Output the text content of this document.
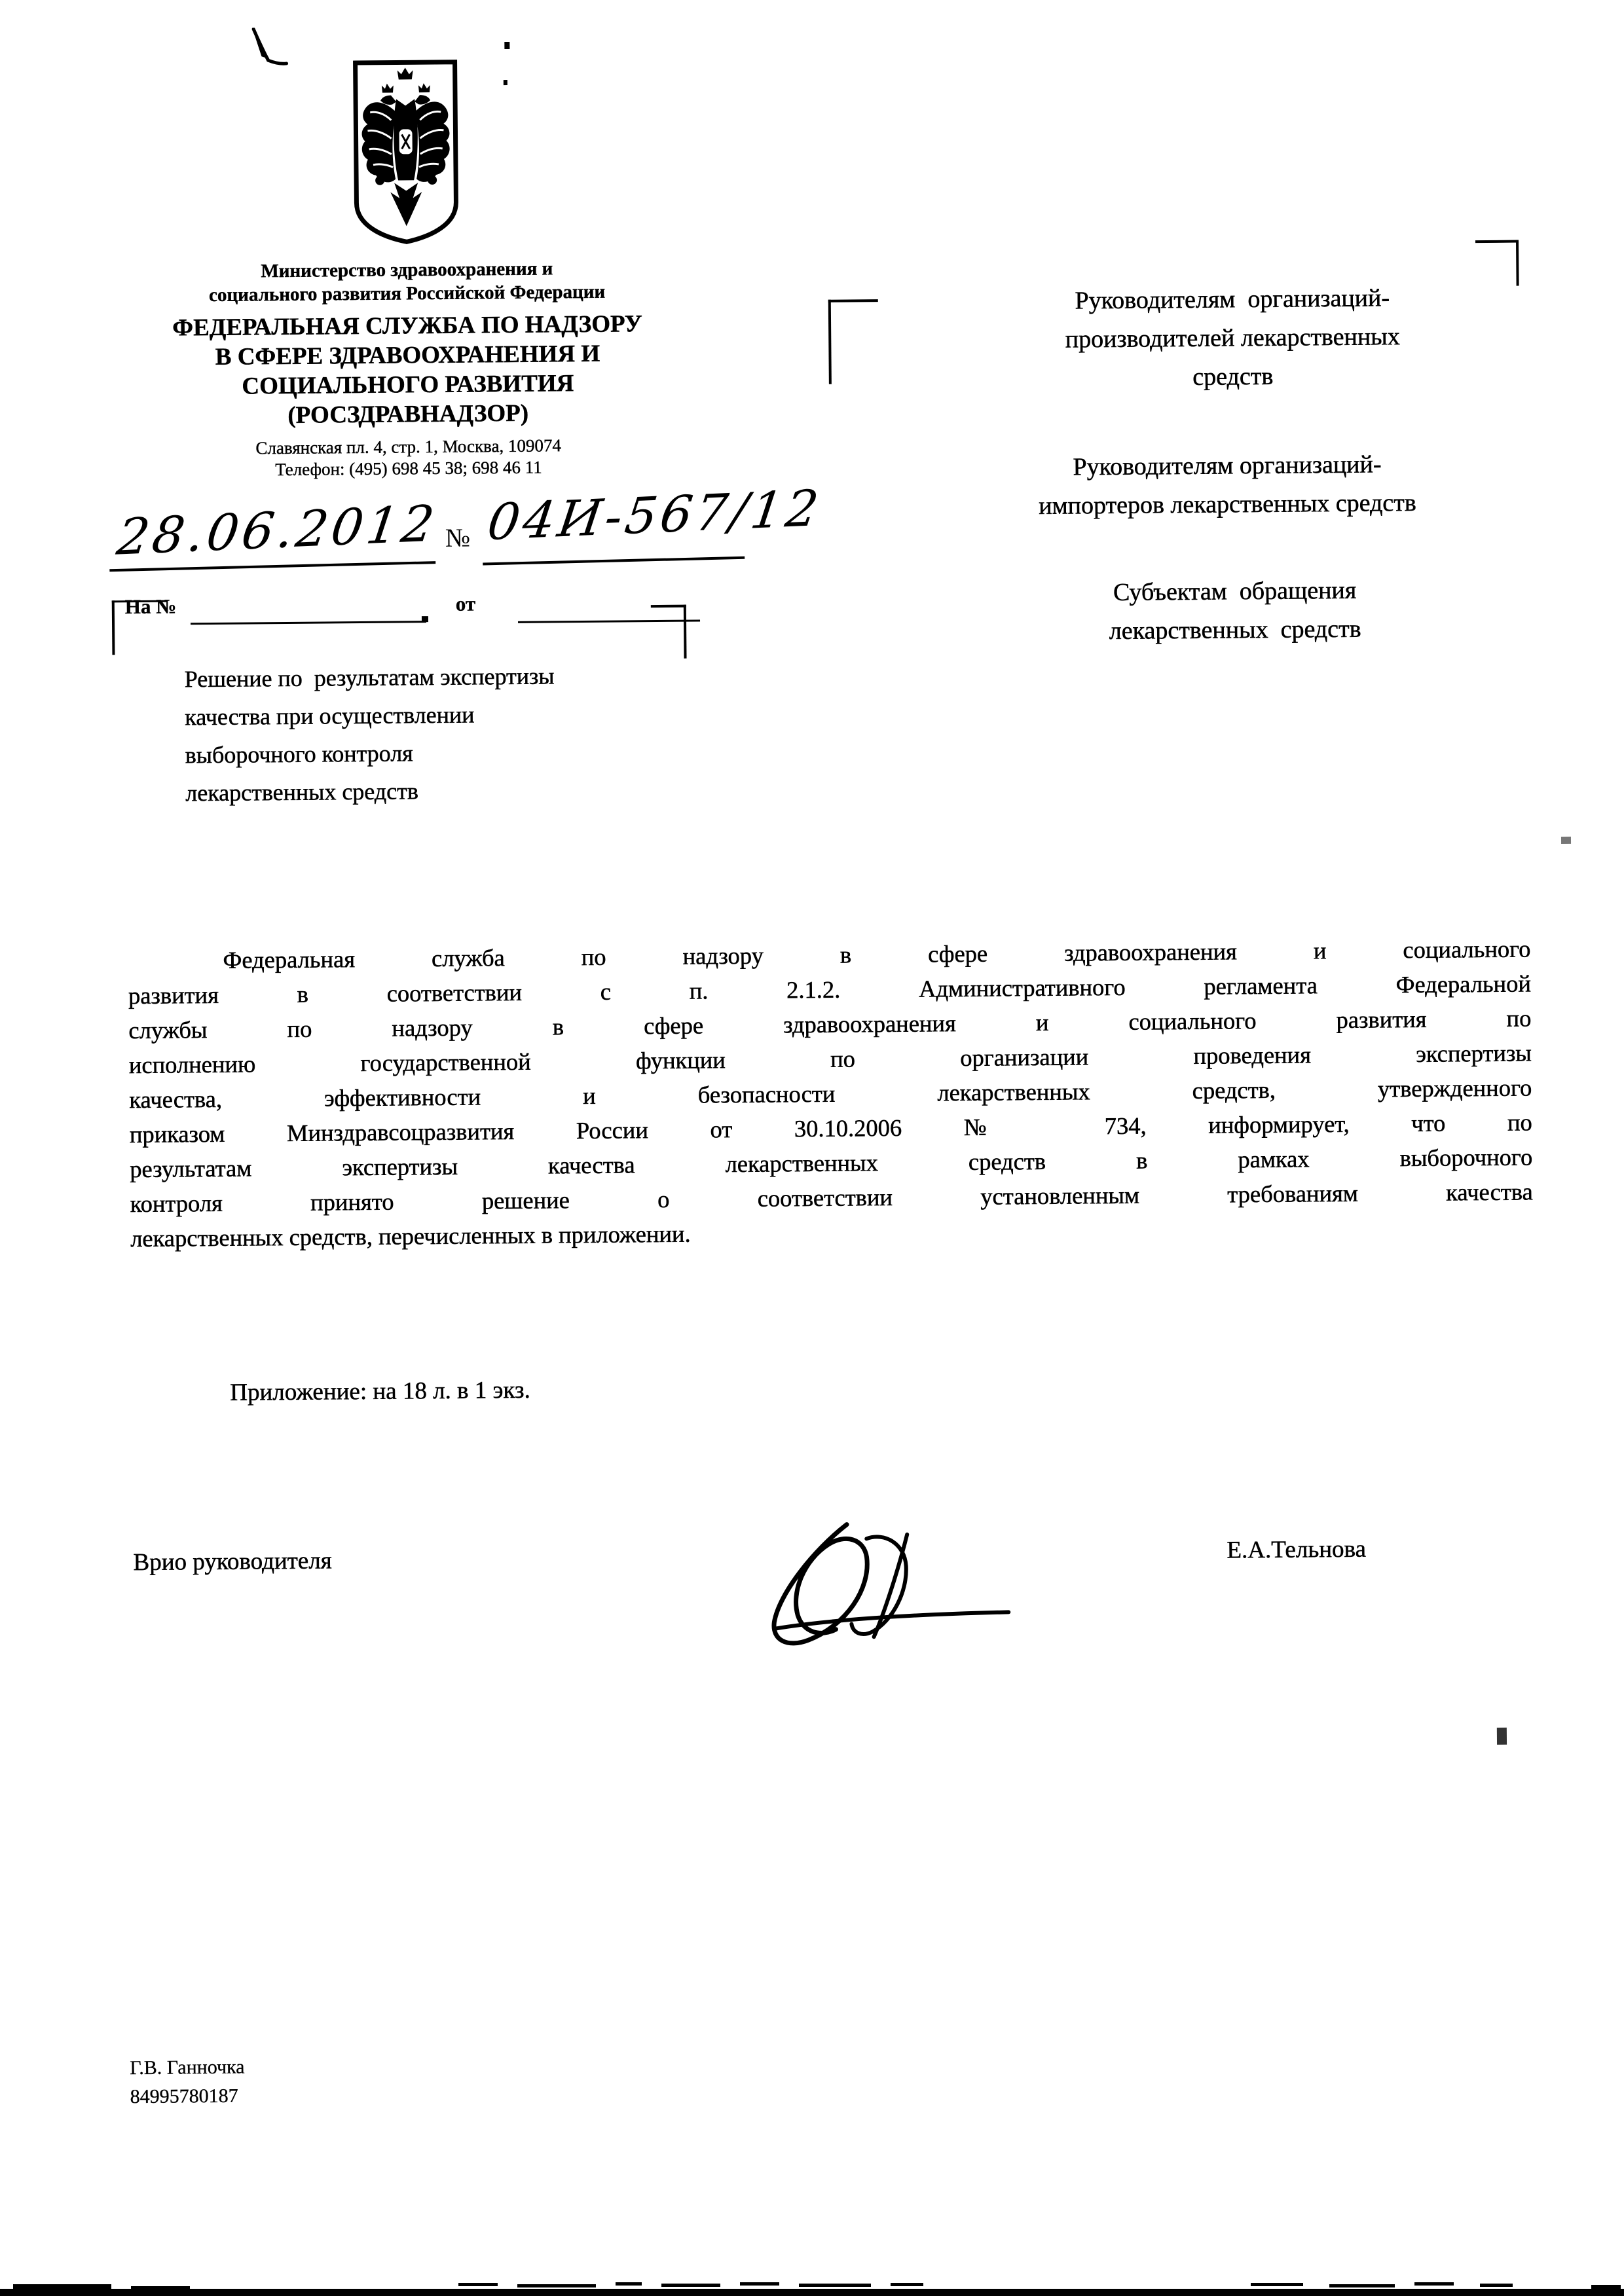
Министерство здравоохранения и
социального развития Российской Федерации
ФЕДЕРАЛЬНАЯ СЛУЖБА ПО НАДЗОРУ
В СФЕРЕ ЗДРАВООХРАНЕНИЯ И
СОЦИАЛЬНОГО РАЗВИТИЯ
(РОСЗДРАВНАДЗОР)
Славянская пл. 4, стр. 1, Москва, 109074
Телефон: (495) 698 45 38; 698 46 11
28.06.2012 № 04И-567/12
На №	от
Решение по  результатам экспертизы
качества при осуществлении
выборочного контроля
лекарственных средств
Руководителям  организаций-
производителей лекарственных
средств
Руководителям организаций-
импортеров лекарственных средств
Субъектам  обращения
лекарственных  средств
Федеральная служба по надзору в сфере здравоохранения и социального
развития в соответствии с п. 2.1.2. Административного регламента Федеральной
службы по надзору в сфере здравоохранения и социального развития по
исполнению государственной функции по организации проведения экспертизы
качества, эффективности и безопасности лекарственных средств, утвержденного
приказом Минздравсоцразвития России от 30.10.2006 № 734, информирует, что по
результатам экспертизы качества лекарственных средств в рамках выборочного
контроля принято решение о соответствии установленным требованиям качества
лекарственных средств, перечисленных в приложении.
Приложение: на 18 л. в 1 экз.
Врио руководителя	Е.А.Тельнова
Г.В. Ганночка
84995780187
